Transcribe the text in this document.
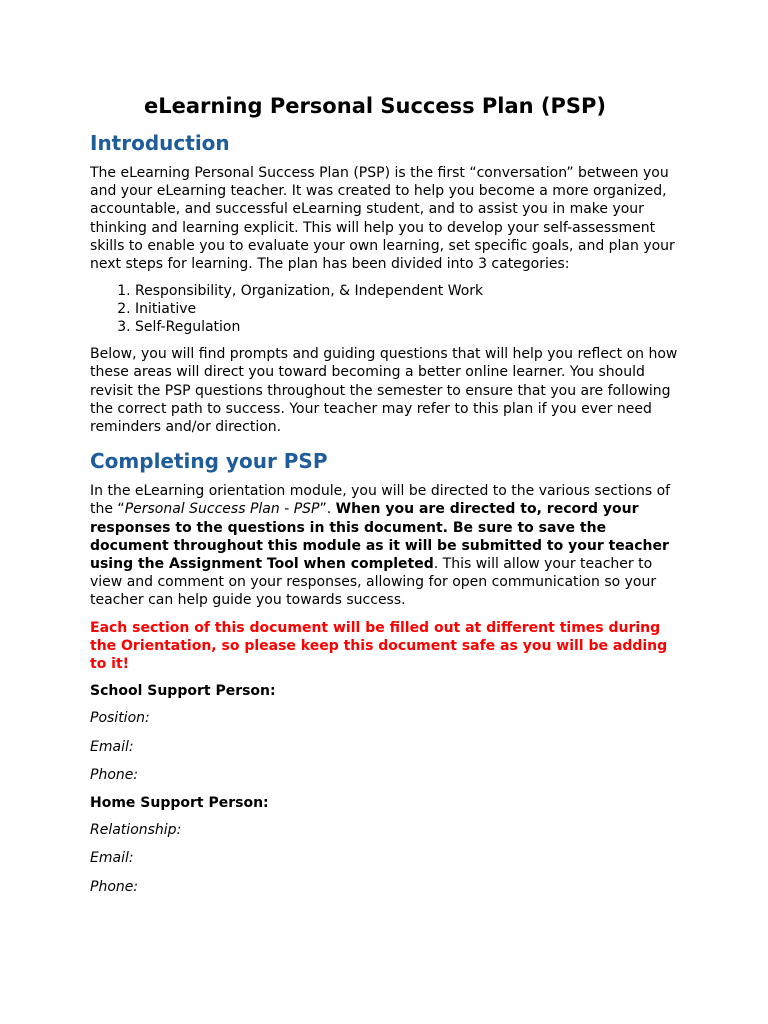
eLearning Personal Success Plan (PSP)
Introduction

The eLearning Personal Success Plan (PSP) is the first “conversation” between you and your eLearning teacher. It was created to help you become a more organized, accountable, and successful eLearning student, and to assist you in make your thinking and learning explicit. This will help you to develop your self-assessment skills to enable you to evaluate your own learning, set specific goals, and plan your next steps for learning. The plan has been divided into 3 categories:

1. Responsibility, Organization, & Independent Work
2. Initiative
3. Self-Regulation

Below, you will find prompts and guiding questions that will help you reflect on how these areas will direct you toward becoming a better online learner. You should revisit the PSP questions throughout the semester to ensure that you are following the correct path to success. Your teacher may refer to this plan if you ever need reminders and/or direction.

Completing your PSP

In the eLearning orientation module, you will be directed to the various sections of the “Personal Success Plan - PSP”. When you are directed to, record your responses to the questions in this document. Be sure to save the document throughout this module as it will be submitted to your teacher using the Assignment Tool when completed. This will allow your teacher to view and comment on your responses, allowing for open communication so your teacher can help guide you towards success.

Each section of this document will be filled out at different times during the Orientation, so please keep this document safe as you will be adding to it!

School Support Person:

Position:

Email:

Phone:

Home Support Person:

Relationship:

Email:

Phone:
